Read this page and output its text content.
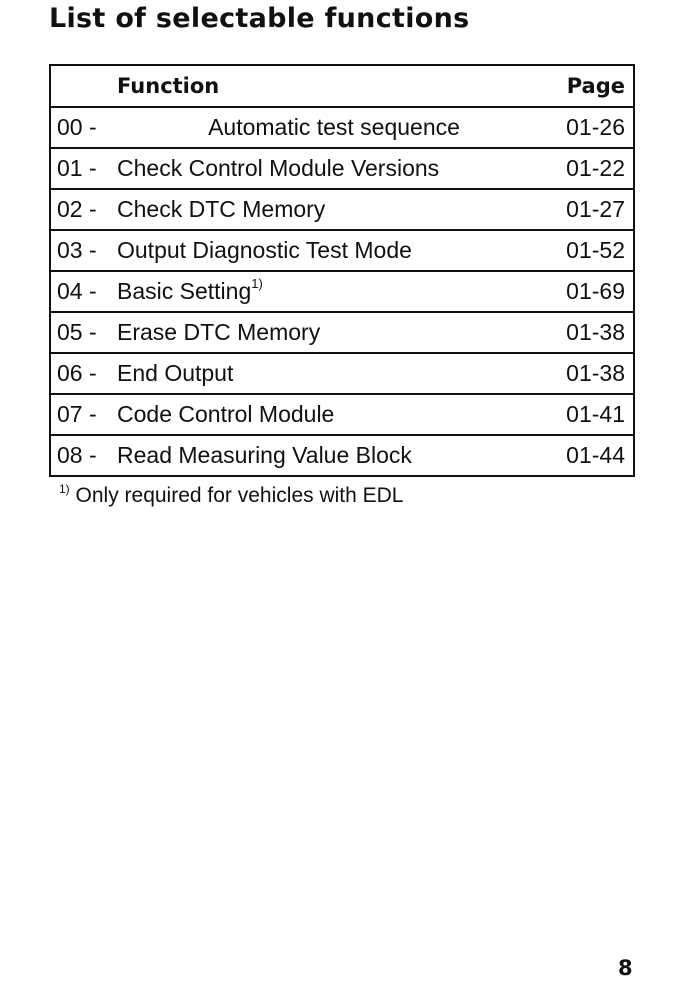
List of selectable functions
Function	Page
00 -	Automatic test sequence	01-26
01 - Check Control Module Versions	01-22
02 - Check DTC Memory	01-27
03 - Output Diagnostic Test Mode	01-52
04 - Basic Setting$^{1)}$	01-69
05 - Erase DTC Memory	01-38
06 - End Output	01-38
07 - Code Control Module	01-41
08 - Read Measuring Value Block	01-44
$^{1)}$ Only required for vehicles with EDL
8
